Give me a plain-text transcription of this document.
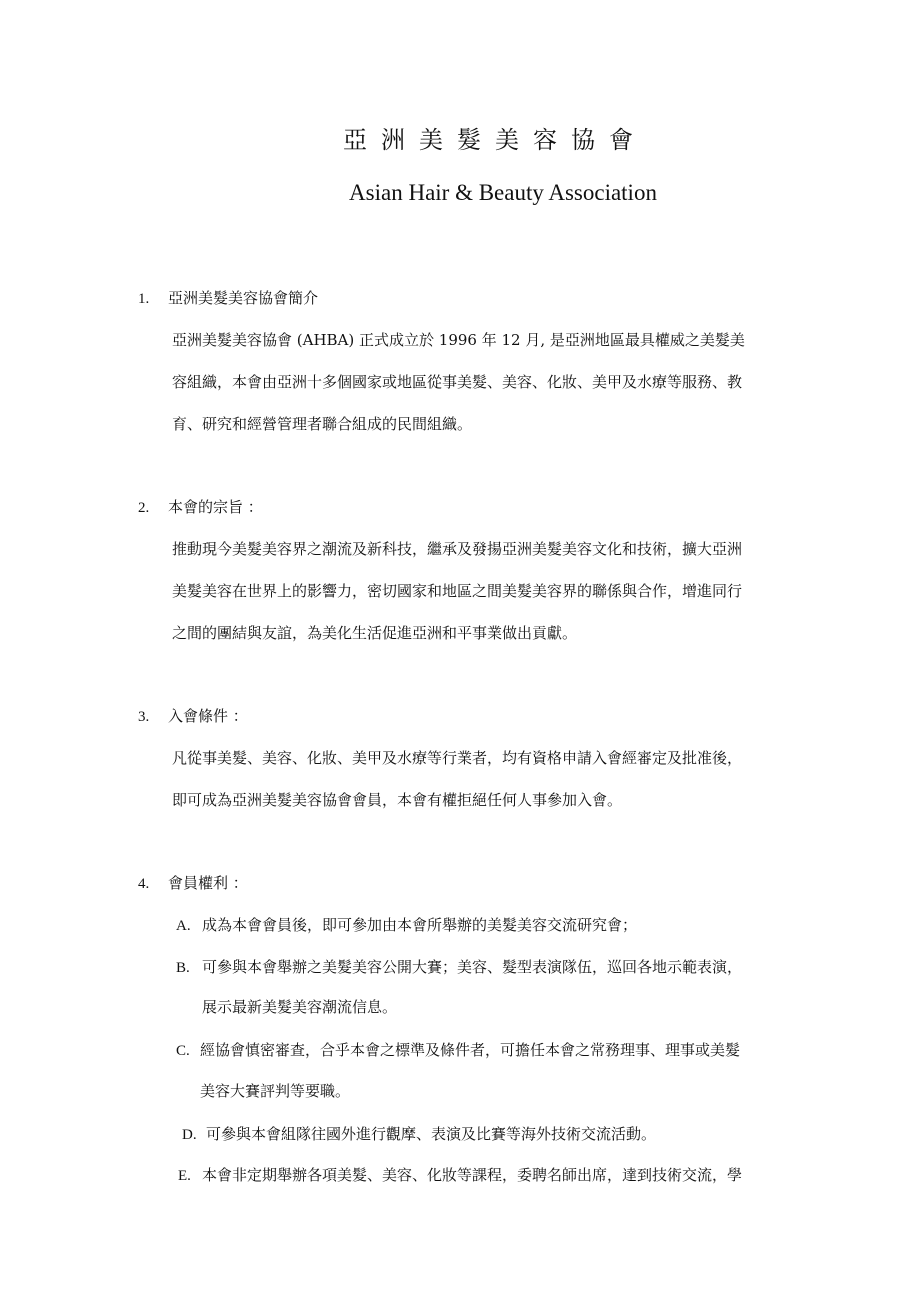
亞洲美髮美容協會
Asian Hair & Beauty Association
1. 亞洲美髮美容協會簡介
亞洲美髮美容協會 (AHBA) 正式成立於 1996 年 12 月, 是亞洲地區最具權威之美髮美
容組織，本會由亞洲十多個國家或地區從事美髮、美容、化妝、美甲及水療等服務、教
育、研究和經營管理者聯合組成的民間組織。
2. 本會的宗旨 ：
推動現今美髮美容界之潮流及新科技，繼承及發揚亞洲美髮美容文化和技術，擴大亞洲
美髮美容在世界上的影響力，密切國家和地區之間美髮美容界的聯係與合作，增進同行
之間的團結與友誼，為美化生活促進亞洲和平事業做出貢獻。
3. 入會條件 ：
凡從事美髮、美容、化妝、美甲及水療等行業者，均有資格申請入會經審定及批准後，
即可成為亞洲美髮美容協會會員，本會有權拒絕任何人事參加入會。
4. 會員權利 ：
A. 成為本會會員後，即可參加由本會所舉辦的美髮美容交流研究會；
B. 可參與本會舉辦之美髮美容公開大賽；美容、髮型表演隊伍，巡回各地示範表演，
展示最新美髮美容潮流信息。
C. 經協會慎密審查，合乎本會之標準及條件者，可擔任本會之常務理事、理事或美髮
美容大賽評判等要職。
D. 可參與本會組隊往國外進行觀摩、表演及比賽等海外技術交流活動。
E. 本會非定期舉辦各項美髮、美容、化妝等課程，委聘名師出席，達到技術交流，學
